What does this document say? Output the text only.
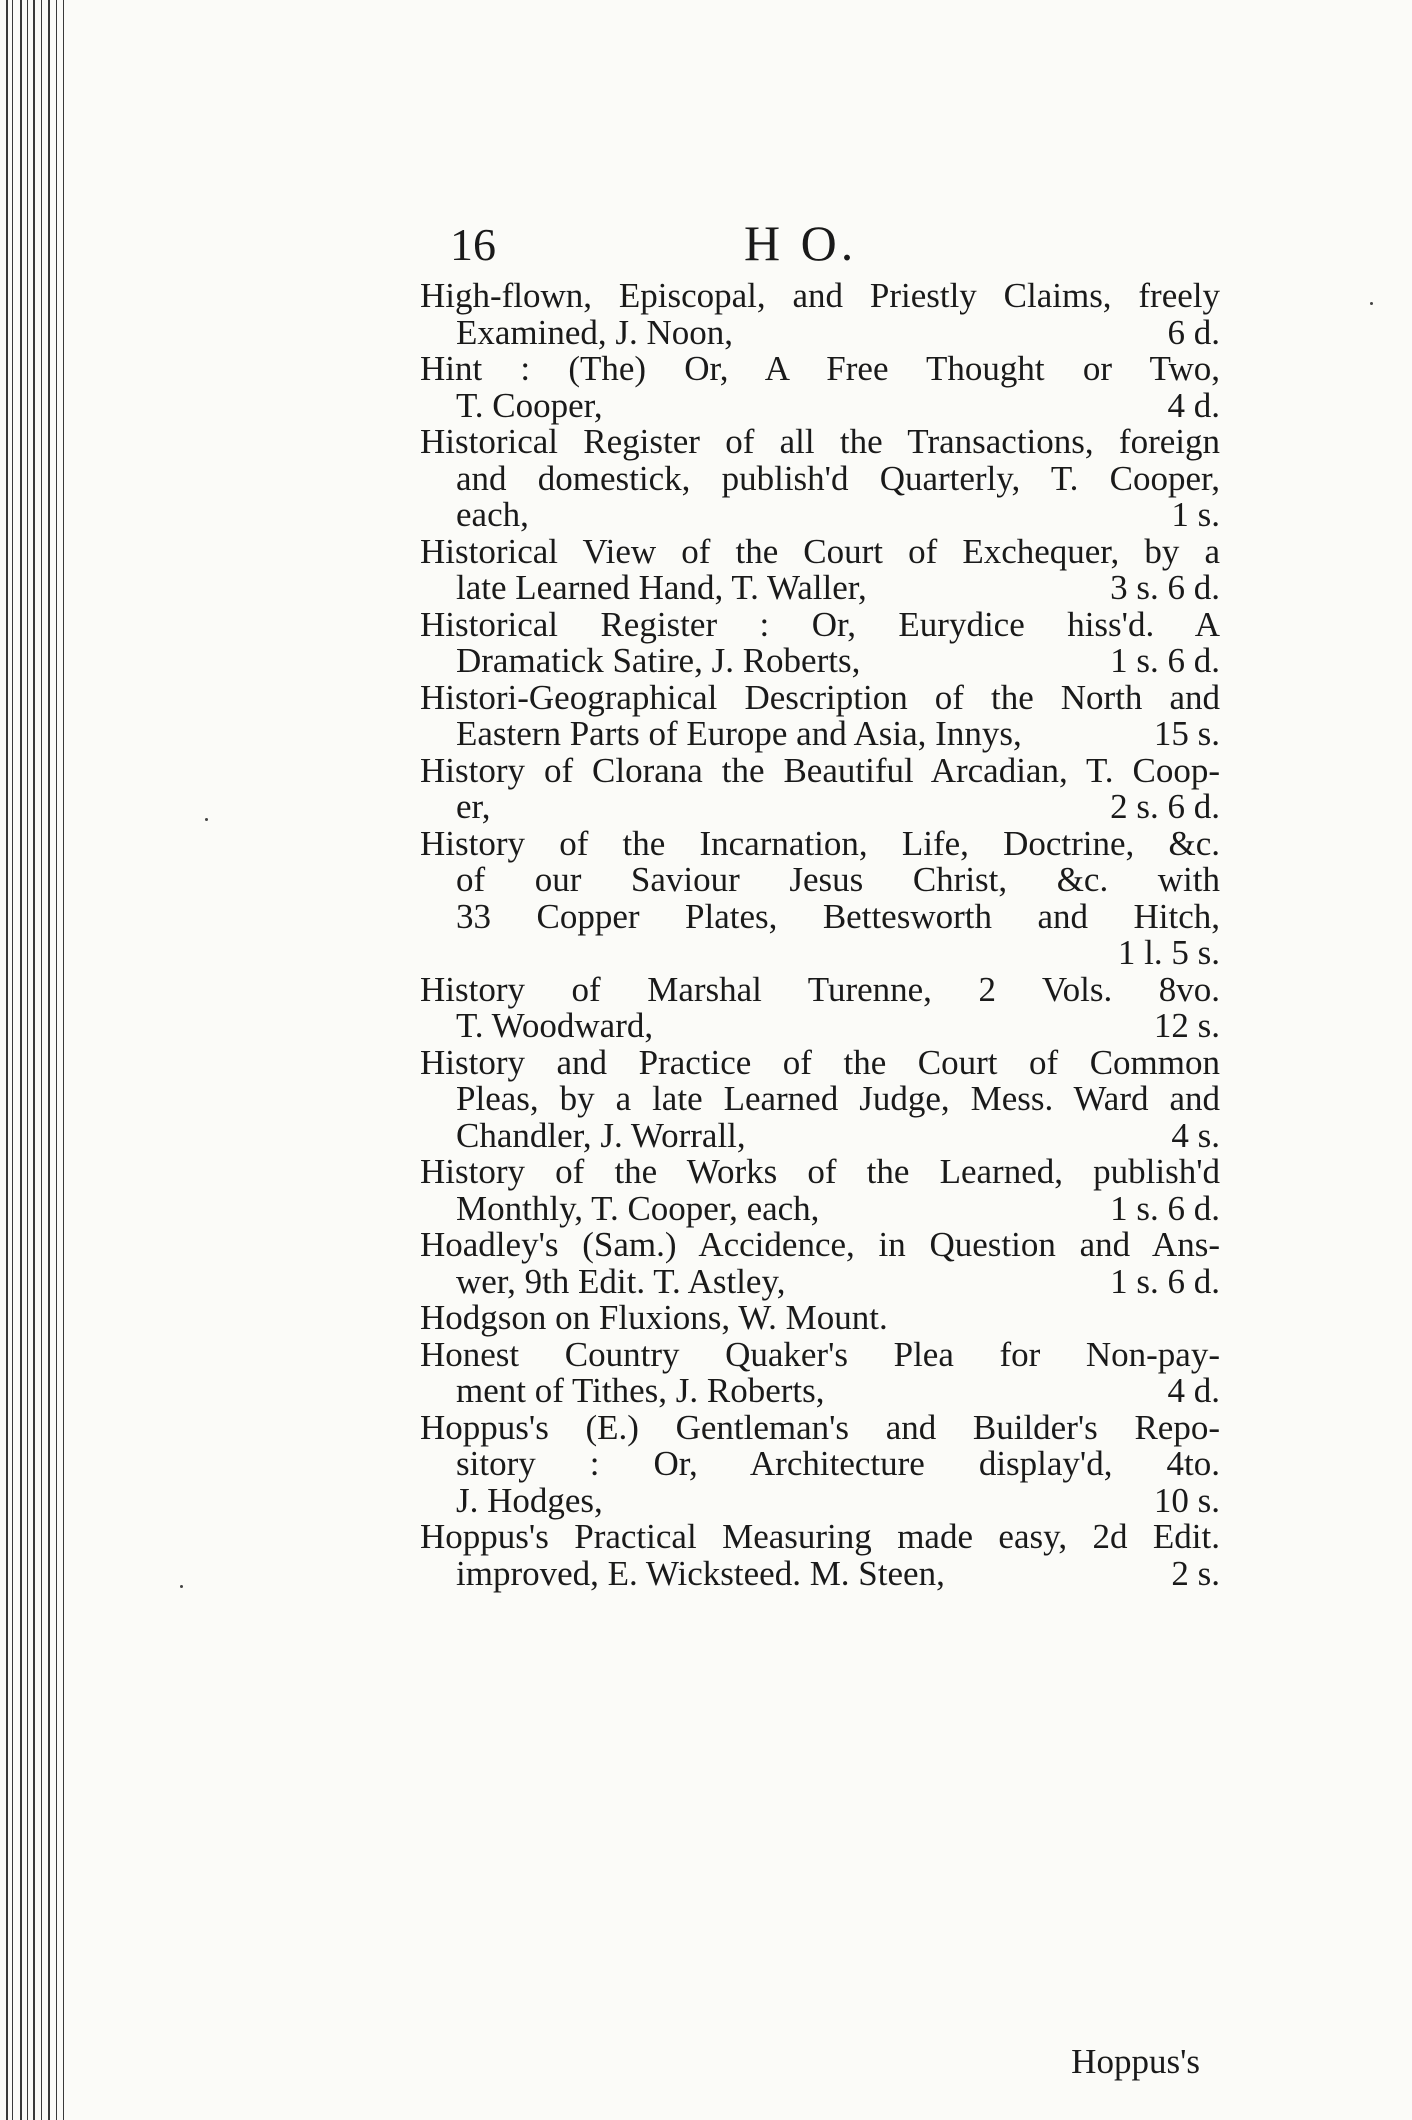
16	H O.
High-flown, Episcopal, and Priestly Claims, freely
Examined, J. Noon,	6 d.
Hint : (The) Or, A Free Thought or Two,
T. Cooper,	4 d.
Historical Register of all the Transactions, foreign
and domestick, publish'd Quarterly, T. Cooper,
each,	1 s.
Historical View of the Court of Exchequer, by a
late Learned Hand, T. Waller,	3 s. 6 d.
Historical Register : Or, Eurydice hiss'd. A
Dramatick Satire, J. Roberts,	1 s. 6 d.
Histori-Geographical Description of the North and
Eastern Parts of Europe and Asia, Innys,	15 s.
History of Clorana the Beautiful Arcadian, T. Coop-
er,	2 s. 6 d.
History of the Incarnation, Life, Doctrine, &c.
of our Saviour Jesus Christ, &c. with
33 Copper Plates, Bettesworth and Hitch,
1 l. 5 s.
History of Marshal Turenne, 2 Vols. 8vo.
T. Woodward,	12 s.
History and Practice of the Court of Common
Pleas, by a late Learned Judge, Mess. Ward and
Chandler, J. Worrall,	4 s.
History of the Works of the Learned, publish'd
Monthly, T. Cooper, each,	1 s. 6 d.
Hoadley's (Sam.) Accidence, in Question and Ans-
wer, 9th Edit. T. Astley,	1 s. 6 d.
Hodgson on Fluxions, W. Mount.
Honest Country Quaker's Plea for Non-pay-
ment of Tithes, J. Roberts,	4 d.
Hoppus's (E.) Gentleman's and Builder's Repo-
sitory : Or, Architecture display'd, 4to.
J. Hodges,	10 s.
Hoppus's Practical Measuring made easy, 2d Edit.
improved, E. Wicksteed. M. Steen,	2 s.
Hoppus's
